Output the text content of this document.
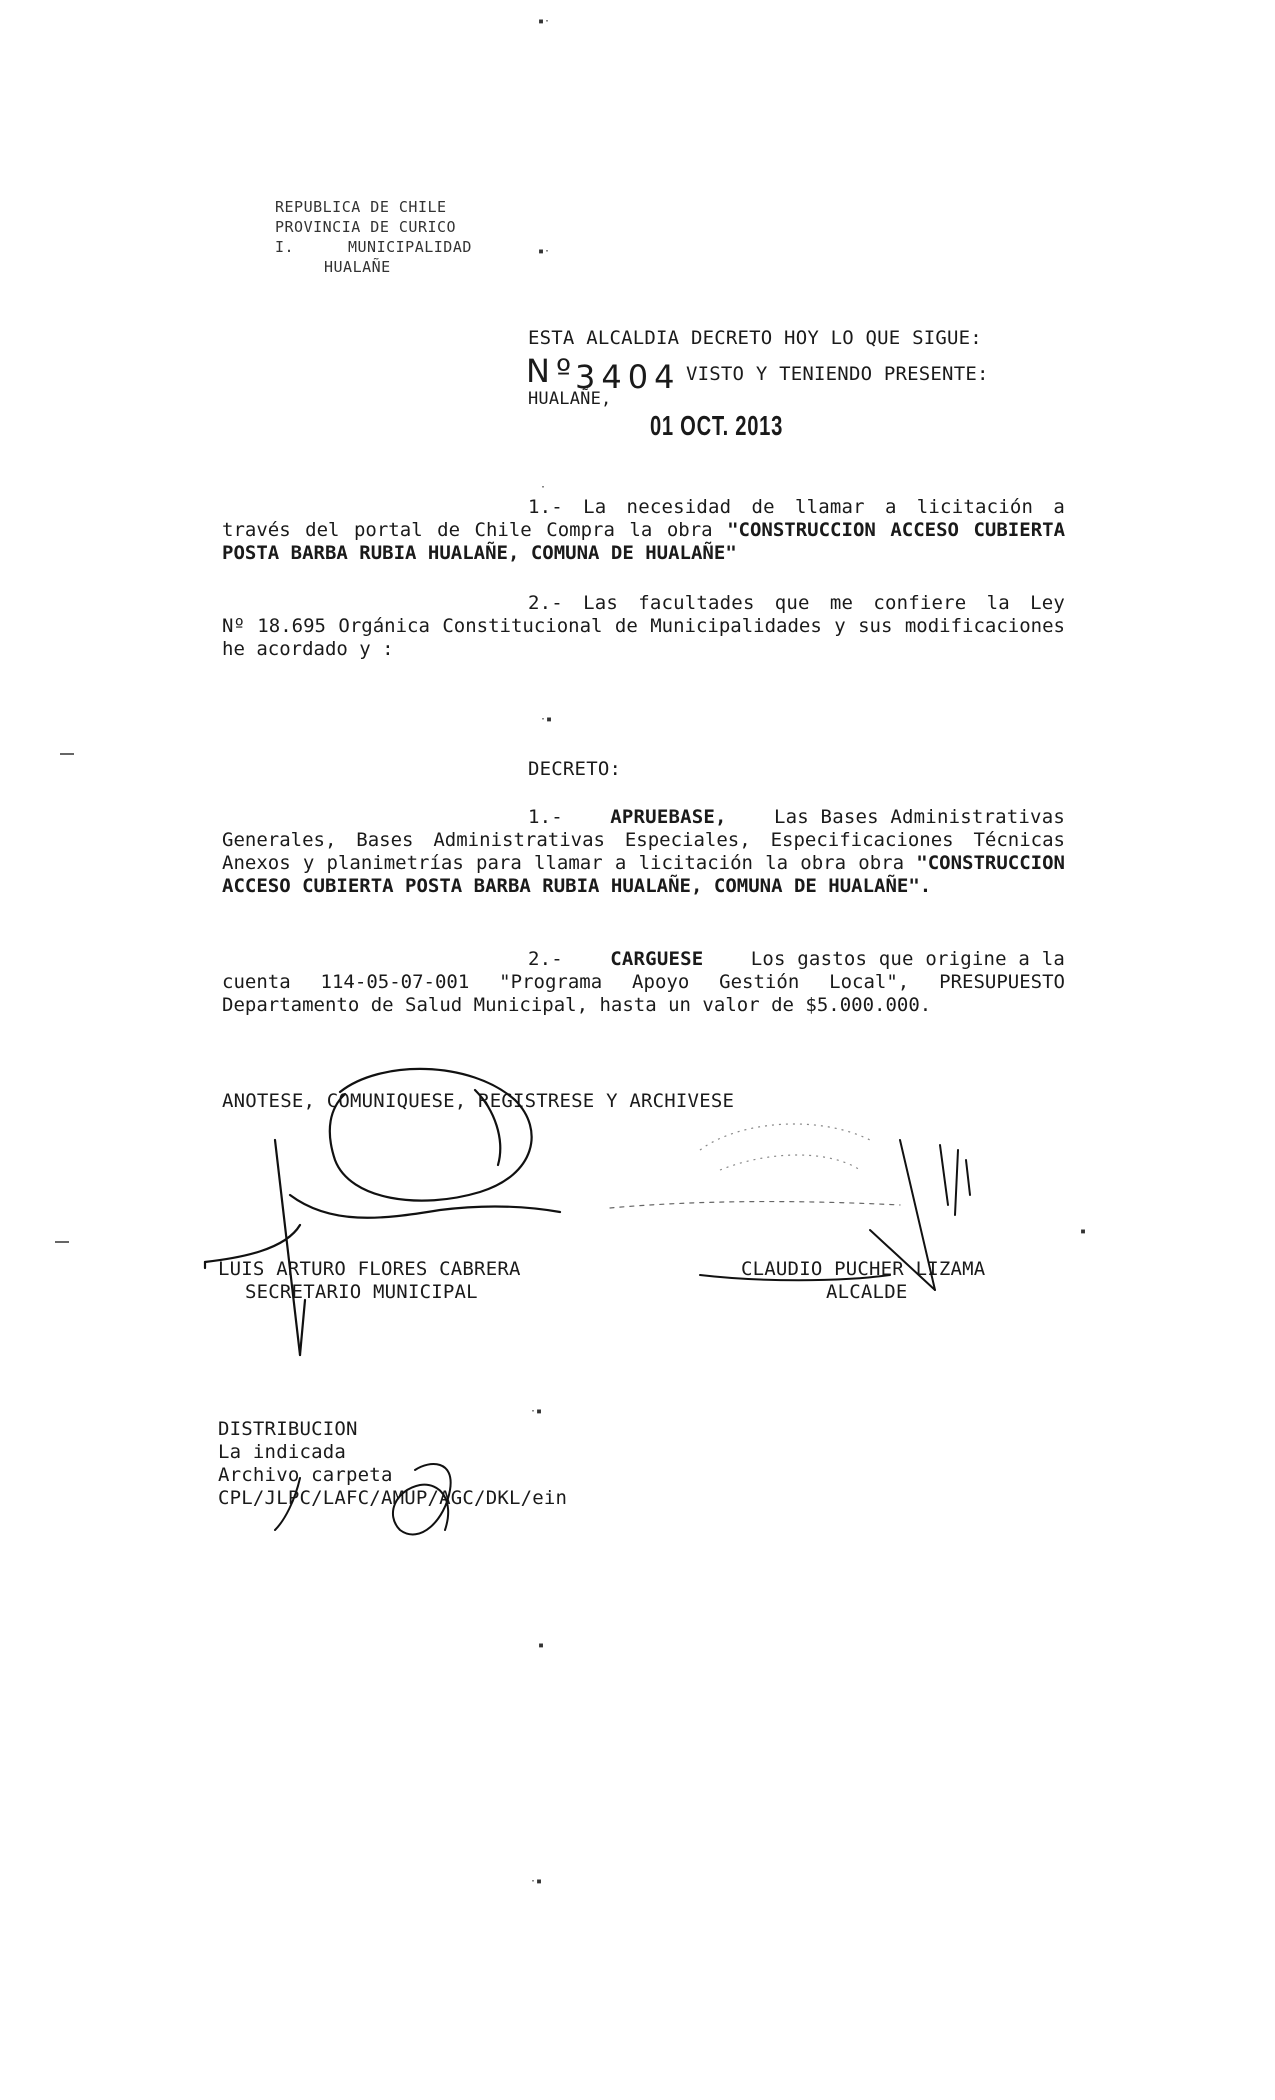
REPUBLICA DE CHILE
PROVINCIA DE CURICO
I.	MUNICIPALIDAD
HUALAÑE
ESTA ALCALDIA DECRETO HOY LO QUE SIGUE:
Nº
3404 VISTO Y TENIENDO PRESENTE:
HUALAÑE,
01 OCT. 2013
1.- La necesidad de llamar a licitación a
través del portal de Chile Compra la obra "CONSTRUCCION ACCESO CUBIERTA POSTA BARBA RUBIA HUALAÑE, COMUNA DE HUALAÑE"
2.- Las facultades que me confiere la Ley
Nº 18.695 Orgánica Constitucional de Municipalidades y sus modificaciones he acordado y :
DECRETO:
1.- APRUEBASE, Las Bases Administrativas
Generales, Bases Administrativas Especiales, Especificaciones Técnicas Anexos y planimetrías para llamar a licitación la obra obra "CONSTRUCCION ACCESO CUBIERTA POSTA BARBA RUBIA HUALAÑE, COMUNA DE HUALAÑE".
2.- CARGUESE Los gastos que origine a la
cuenta 114-05-07-001 "Programa Apoyo Gestión Local", PRESUPUESTO Departamento de Salud Municipal, hasta un valor de $5.000.000.
ANOTESE, COMUNIQUESE, REGISTRESE Y ARCHIVESE
LUIS ARTURO FLORES CABRERA
SECRETARIO MUNICIPAL
CLAUDIO PUCHER LIZAMA
ALCALDE
DISTRIBUCION
La indicada
Archivo carpeta
CPL/JLPC/LAFC/AMUP/AGC/DKL/ein
▪·
▪·
·
·▪
·▪
▪
·▪
▪
